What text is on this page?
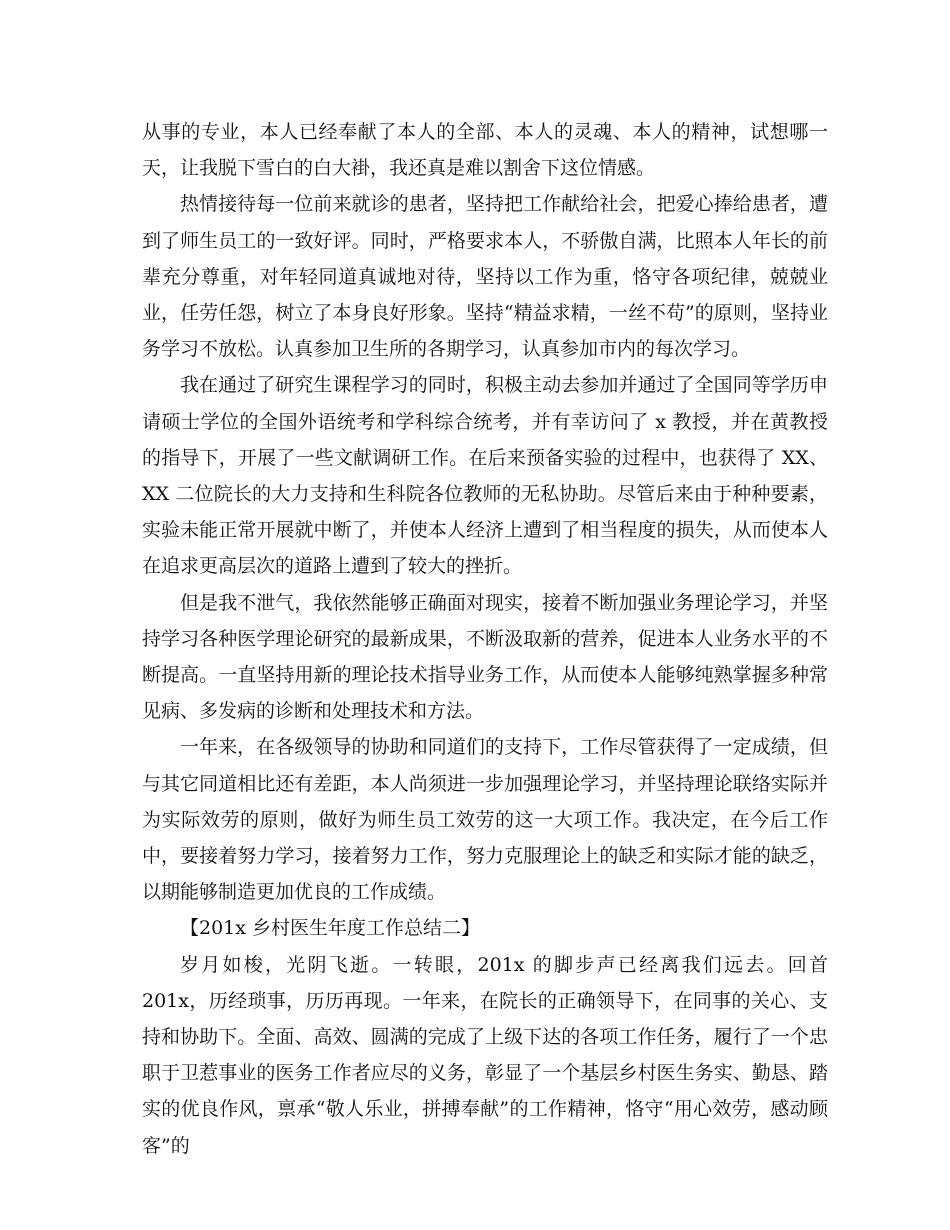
从事的专业，本人已经奉献了本人的全部、本人的灵魂、本人的精神，试想哪一天，让我脱下雪白的白大褂，我还真是难以割舍下这位情感。

热情接待每一位前来就诊的患者，坚持把工作献给社会，把爱心捧给患者，遭到了师生员工的一致好评。同时，严格要求本人，不骄傲自满，比照本人年长的前辈充分尊重，对年轻同道真诚地对待，坚持以工作为重，恪守各项纪律，兢兢业业，任劳任怨，树立了本身良好形象。坚持“精益求精，一丝不苟”的原则，坚持业务学习不放松。认真参加卫生所的各期学习，认真参加市内的每次学习。

我在通过了研究生课程学习的同时，积极主动去参加并通过了全国同等学历申请硕士学位的全国外语统考和学科综合统考，并有幸访问了 x 教授，并在黄教授的指导下，开展了一些文献调研工作。在后来预备实验的过程中，也获得了 XX、XX 二位院长的大力支持和生科院各位教师的无私协助。尽管后来由于种种要素，实验未能正常开展就中断了，并使本人经济上遭到了相当程度的损失，从而使本人在追求更高层次的道路上遭到了较大的挫折。

但是我不泄气，我依然能够正确面对现实，接着不断加强业务理论学习，并坚持学习各种医学理论研究的最新成果，不断汲取新的营养，促进本人业务水平的不断提高。一直坚持用新的理论技术指导业务工作，从而使本人能够纯熟掌握多种常见病、多发病的诊断和处理技术和方法。

一年来，在各级领导的协助和同道们的支持下，工作尽管获得了一定成绩，但与其它同道相比还有差距，本人尚须进一步加强理论学习，并坚持理论联络实际并为实际效劳的原则，做好为师生员工效劳的这一大项工作。我决定，在今后工作中，要接着努力学习，接着努力工作，努力克服理论上的缺乏和实际才能的缺乏，以期能够制造更加优良的工作成绩。

【201x 乡村医生年度工作总结二】

岁月如梭，光阴飞逝。一转眼，201x 的脚步声已经离我们远去。回首 201x，历经琐事，历历再现。一年来，在院长的正确领导下，在同事的关心、支持和协助下。全面、高效、圆满的完成了上级下达的各项工作任务，履行了一个忠职于卫惹事业的医务工作者应尽的义务，彰显了一个基层乡村医生务实、勤恳、踏实的优良作风，禀承“敬人乐业，拼搏奉献”的工作精神，恪守“用心效劳，感动顾客”的
